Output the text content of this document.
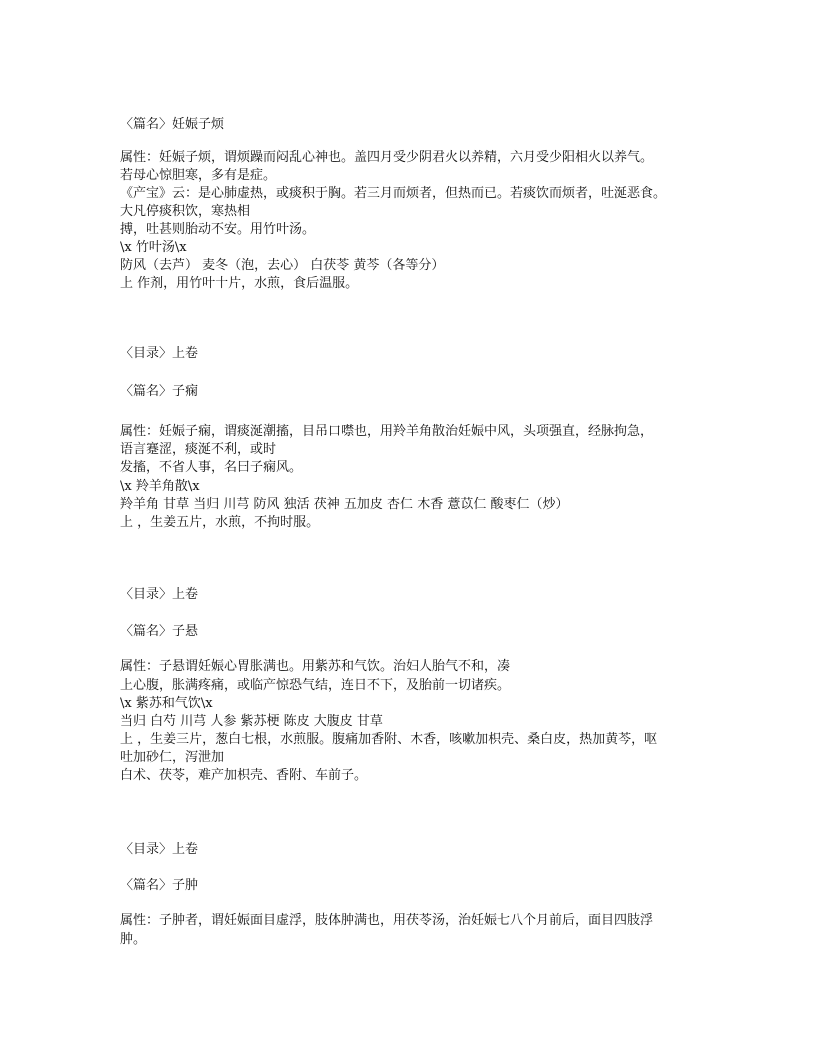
〈篇名〉妊娠子烦
属性：妊娠子烦，谓烦躁而闷乱心神也。盖四月受少阴君火以养精，六月受少阳相火以养气。
若母心惊胆寒，多有是症。
《产宝》云：是心肺虚热，或痰积于胸。若三月而烦者，但热而已。若痰饮而烦者，吐涎恶食。
大凡停痰积饮，寒热相
搏，吐甚则胎动不安。用竹叶汤。
\x 竹叶汤\x
防风（去芦） 麦冬（泡，去心） 白茯苓 黄芩（各等分）
上 作剂，用竹叶十片，水煎，食后温服。
〈目录〉上卷
〈篇名〉子痫
属性：妊娠子痫，谓痰涎潮搐，目吊口噤也，用羚羊角散治妊娠中风，头项强直，经脉拘急，
语言蹇涩，痰涎不利，或时
发搐，不省人事，名曰子痫风。
\x 羚羊角散\x
羚羊角 甘草 当归 川芎 防风 独活 茯神 五加皮 杏仁 木香 薏苡仁 酸枣仁（炒）
上 ，生姜五片，水煎，不拘时服。
〈目录〉上卷
〈篇名〉子悬
属性：子悬谓妊娠心胃胀满也。用紫苏和气饮。治妇人胎气不和，凑
上心腹，胀满疼痛，或临产惊恐气结，连日不下，及胎前一切诸疾。
\x 紫苏和气饮\x
当归 白芍 川芎 人参 紫苏梗 陈皮 大腹皮 甘草
上 ，生姜三片，葱白七根，水煎服。腹痛加香附、木香，咳嗽加枳壳、桑白皮，热加黄芩，呕
吐加砂仁，泻泄加
白术、茯苓，难产加枳壳、香附、车前子。
〈目录〉上卷
〈篇名〉子肿
属性：子肿者，谓妊娠面目虚浮，肢体肿满也，用茯苓汤，治妊娠七八个月前后，面目四肢浮
肿。
